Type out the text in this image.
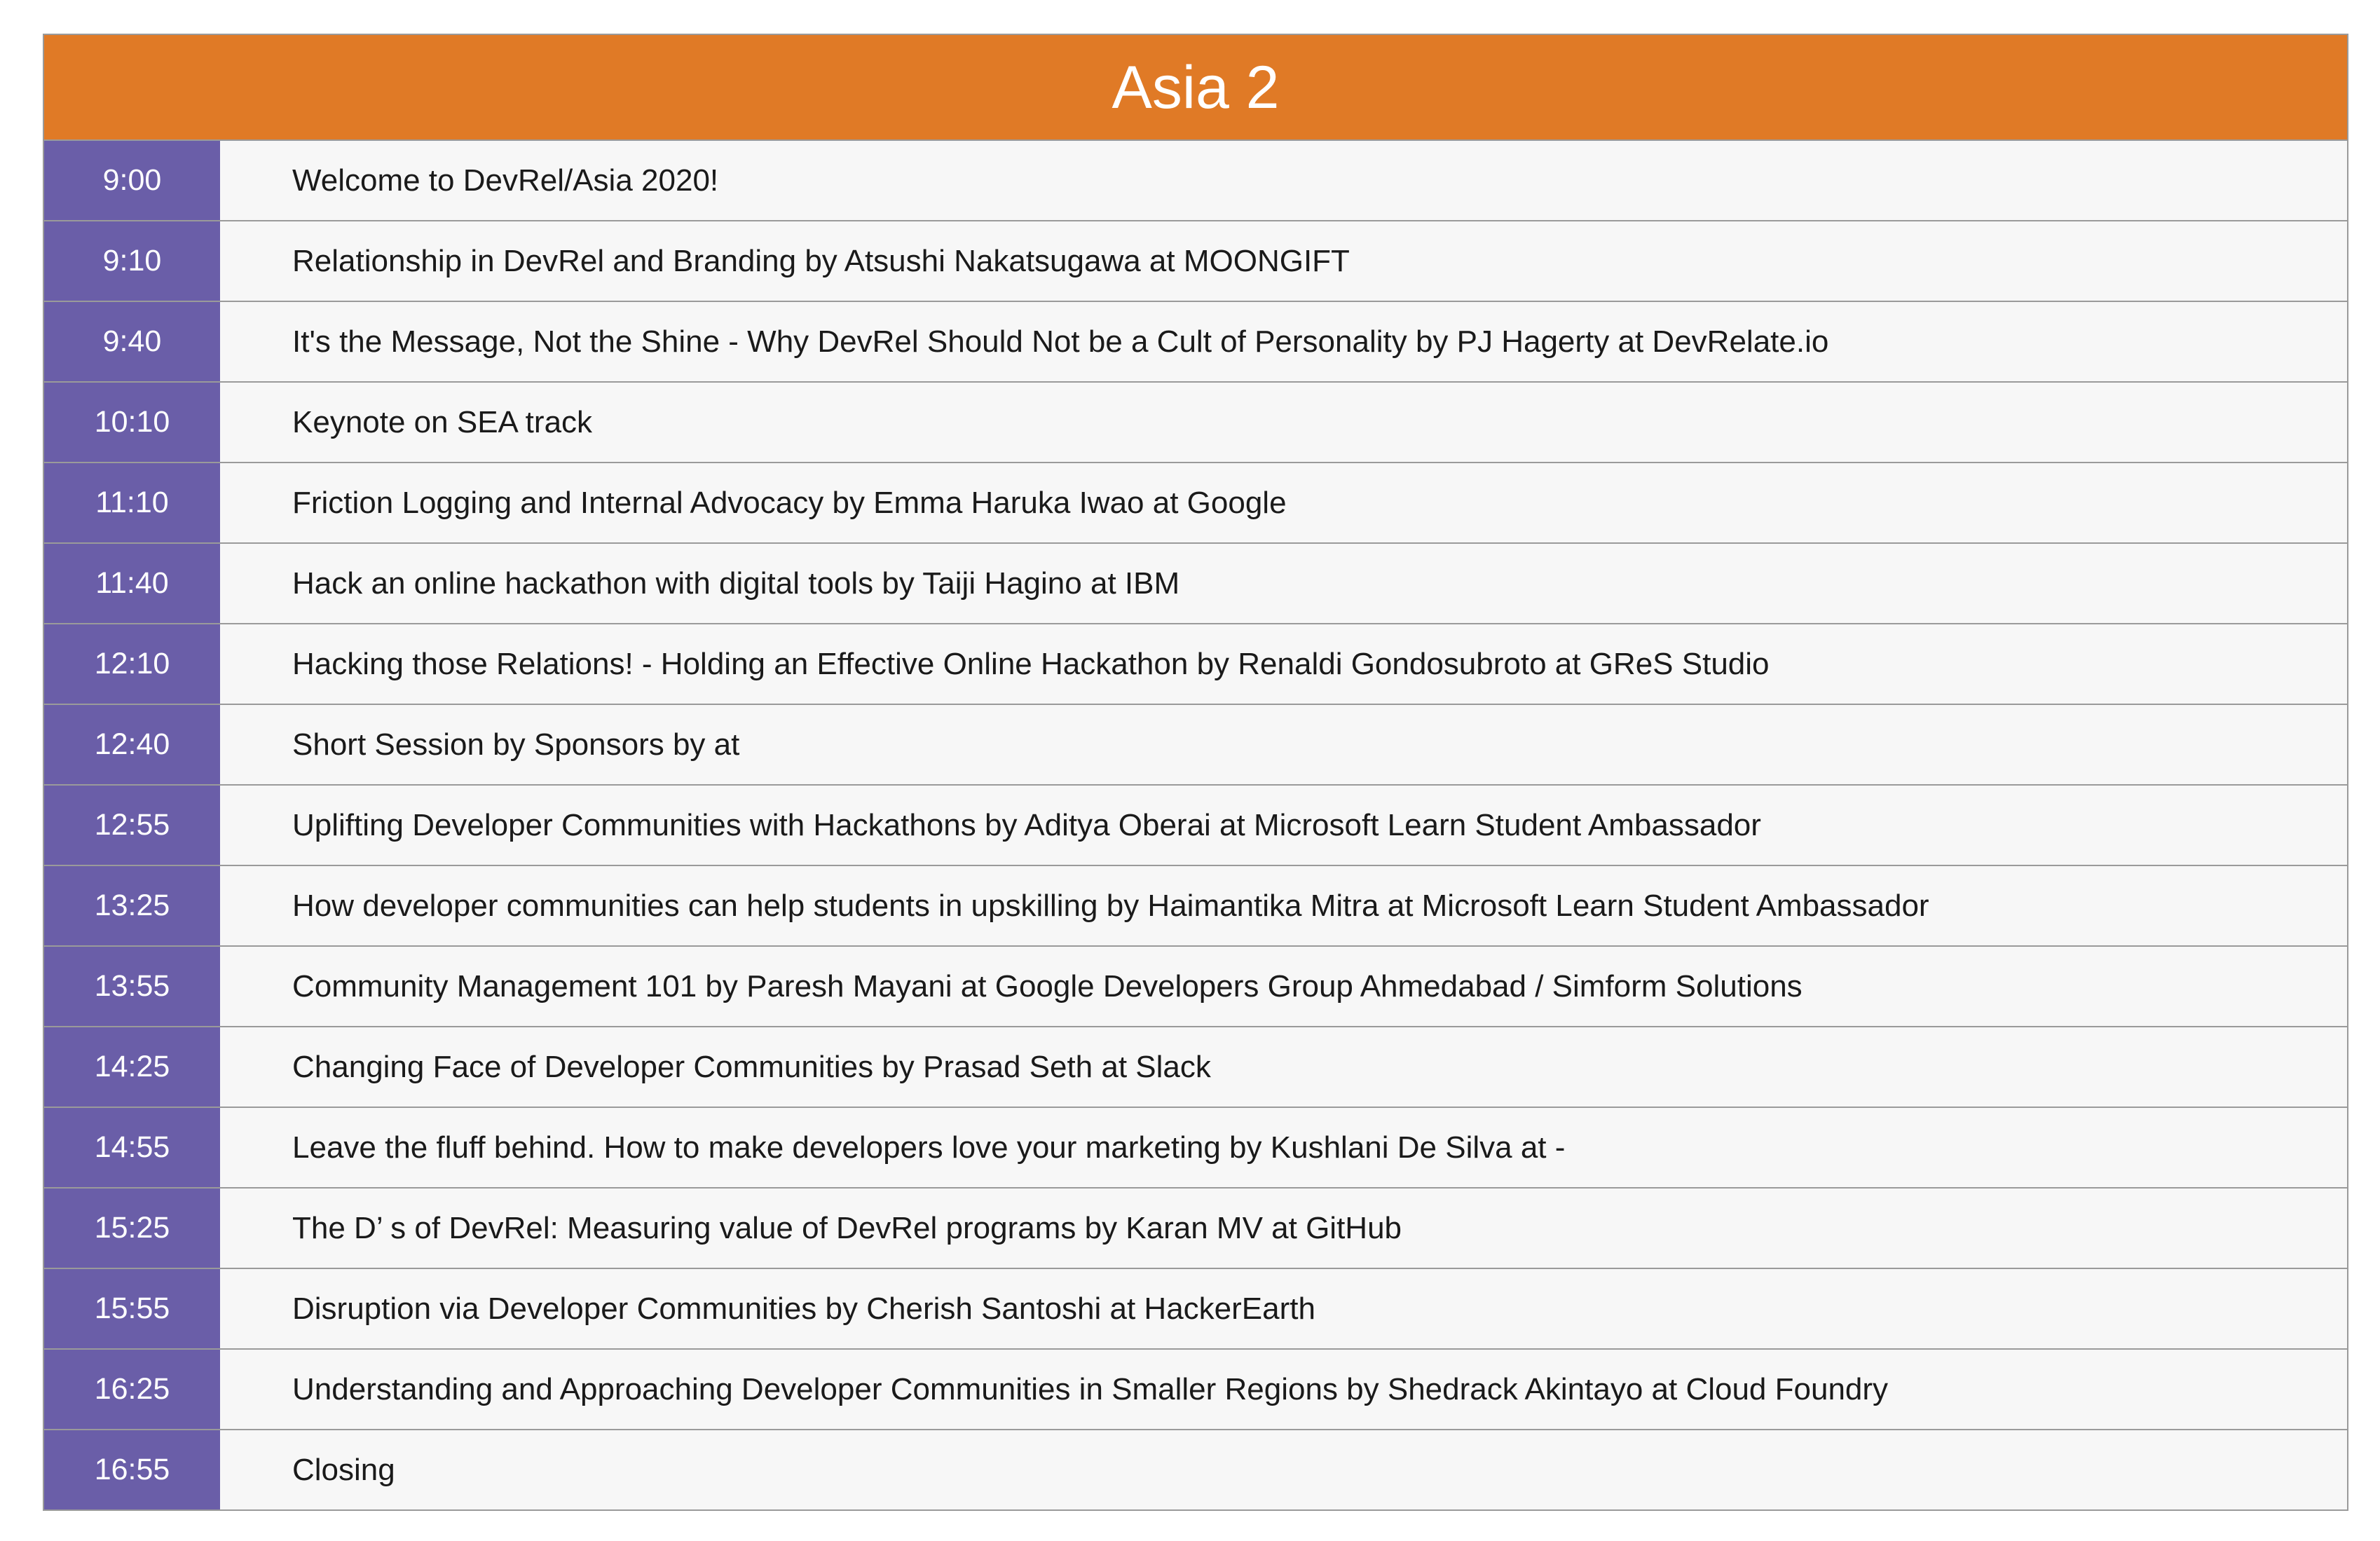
Asia 2
9:00	Welcome to DevRel/Asia 2020!
9:10	Relationship in DevRel and Branding by Atsushi Nakatsugawa at MOONGIFT
9:40	It's the Message, Not the Shine - Why DevRel Should Not be a Cult of Personality by PJ Hagerty at DevRelate.io
10:10	Keynote on SEA track
11:10	Friction Logging and Internal Advocacy by Emma Haruka Iwao at Google
11:40	Hack an online hackathon with digital tools by Taiji Hagino at IBM
12:10	Hacking those Relations! - Holding an Effective Online Hackathon by Renaldi Gondosubroto at GReS Studio
12:40	Short Session by Sponsors by at
12:55	Uplifting Developer Communities with Hackathons by Aditya Oberai at Microsoft Learn Student Ambassador
13:25	How developer communities can help students in upskilling by Haimantika Mitra at Microsoft Learn Student Ambassador
13:55	Community Management 101 by Paresh Mayani at Google Developers Group Ahmedabad / Simform Solutions
14:25	Changing Face of Developer Communities by Prasad Seth at Slack
14:55	Leave the fluff behind. How to make developers love your marketing by Kushlani De Silva at -
15:25	The D’ s of DevRel: Measuring value of DevRel programs by Karan MV at GitHub
15:55	Disruption via Developer Communities by Cherish Santoshi at HackerEarth
16:25	Understanding and Approaching Developer Communities in Smaller Regions by Shedrack Akintayo at Cloud Foundry
16:55	Closing
